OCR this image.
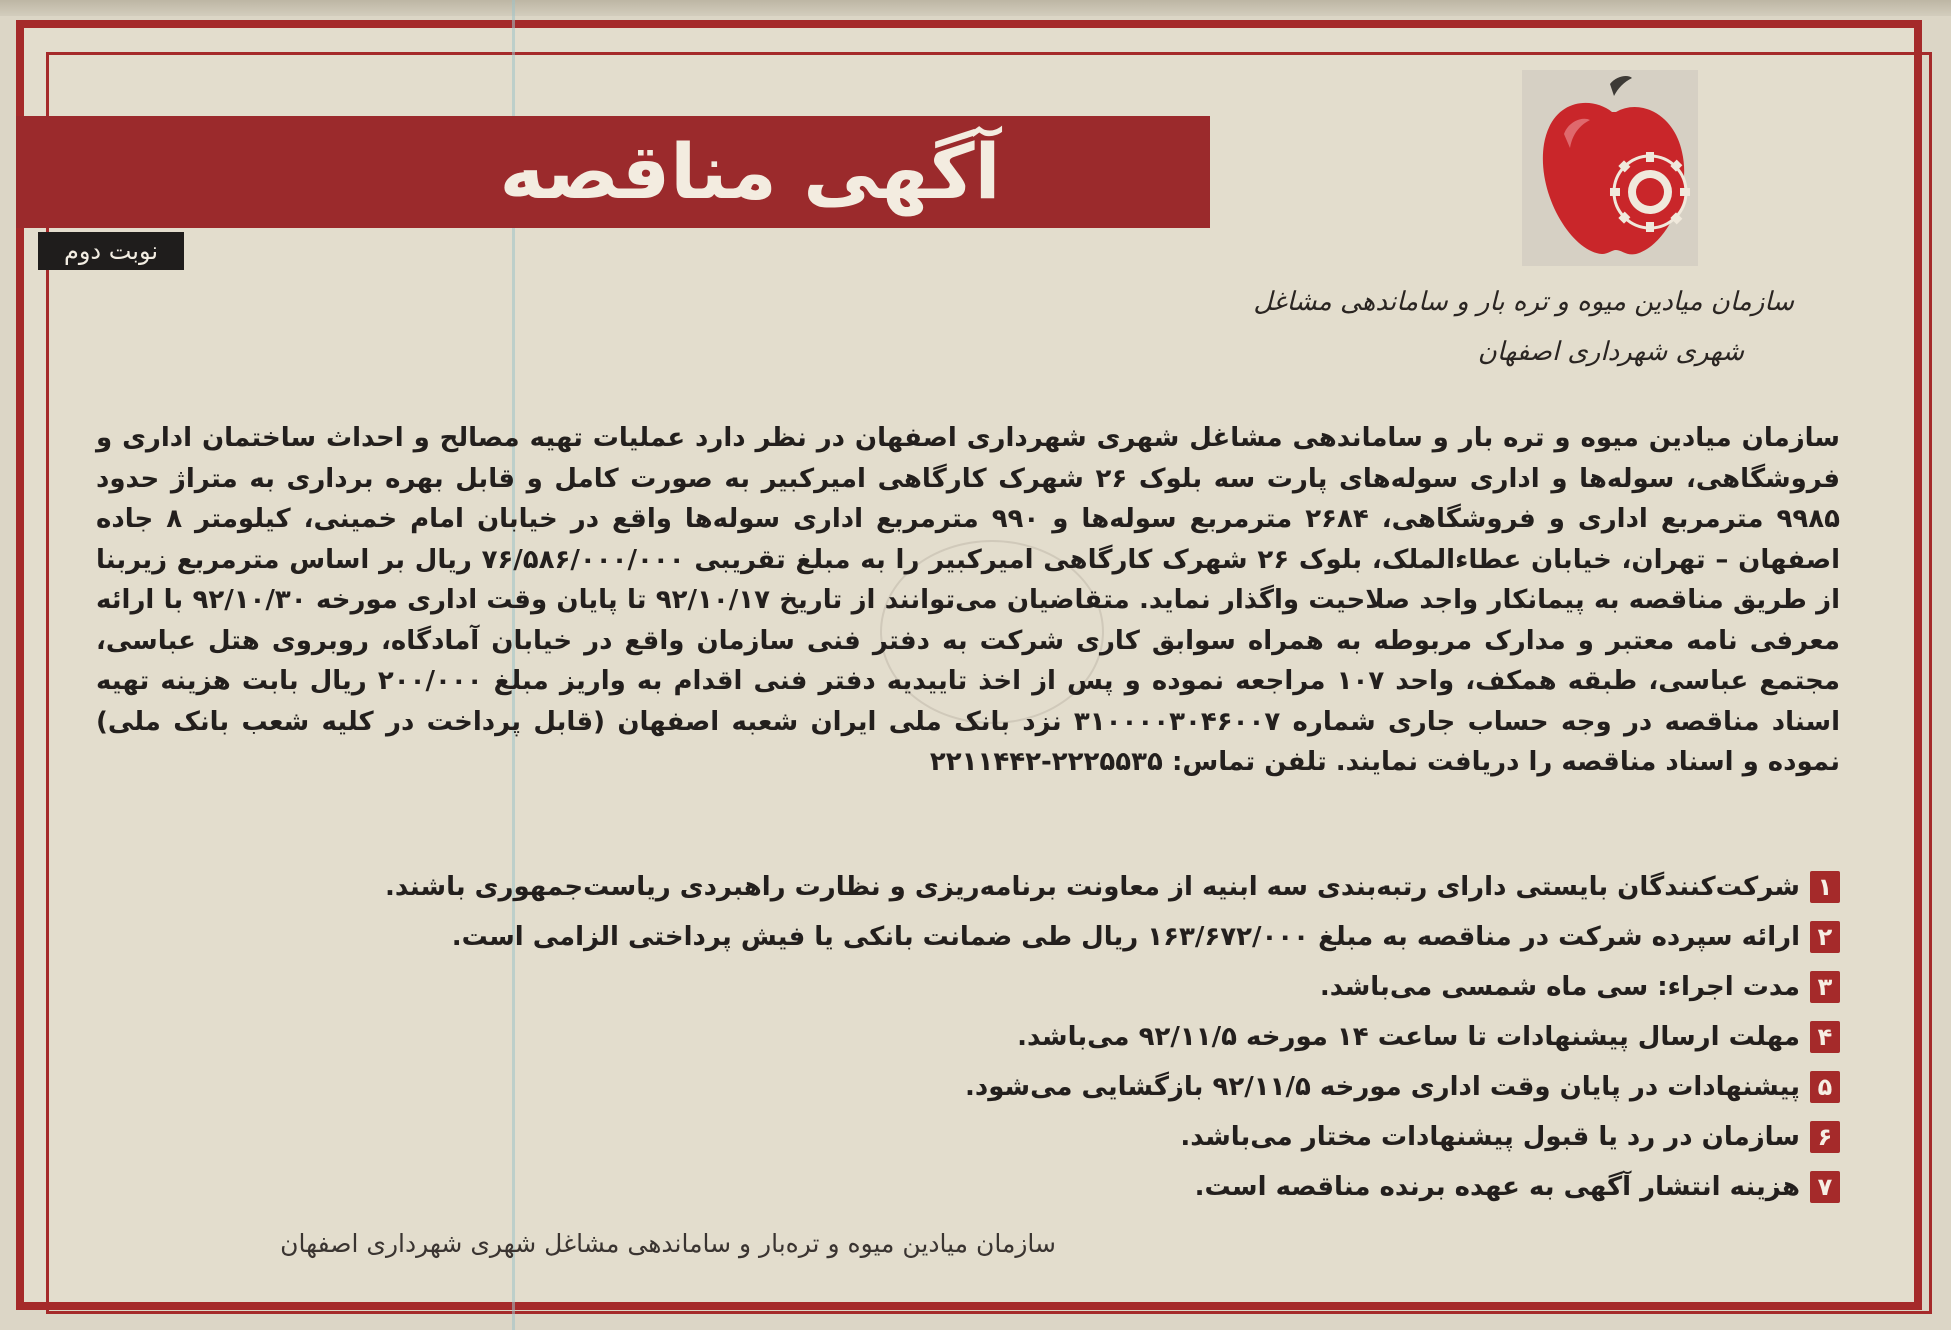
آگهی مناقصه
نوبت دوم
سازمان میادین میوه و تره بار و ساماندهی مشاغل
شهری شهرداری اصفهان
سازمان میادین میوه و تره بار و ساماندهی مشاغل شهری شهرداری اصفهان در نظر دارد عملیات تهیه مصالح و احداث ساختمان اداری و فروشگاهی، سوله‌ها و اداری سوله‌های پارت سه بلوک ۲۶ شهرک کارگاهی امیرکبیر به صورت کامل و قابل بهره برداری به متراژ حدود ۹۹۸۵ مترمربع اداری و فروشگاهی، ۲۶۸۴ مترمربع سوله‌ها و ۹۹۰ مترمربع اداری سوله‌ها واقع در خیابان امام خمینی، کیلومتر ۸ جاده اصفهان – تهران، خیابان عطاءالملک، بلوک ۲۶ شهرک کارگاهی امیرکبیر را به مبلغ تقریبی ۷۶/۵۸۶/۰۰۰/۰۰۰ ریال بر اساس مترمربع زیربنا از طریق مناقصه به پیمانکار واجد صلاحیت واگذار نماید. متقاضیان می‌توانند از تاریخ ۹۲/۱۰/۱۷ تا پایان وقت اداری مورخه ۹۲/۱۰/۳۰ با ارائه معرفی نامه معتبر و مدارک مربوطه به همراه سوابق کاری شرکت به دفتر فنی سازمان واقع در خیابان آمادگاه، روبروی هتل عباسی، مجتمع عباسی، طبقه همکف، واحد ۱۰۷ مراجعه نموده و پس از اخذ تاییدیه دفتر فنی اقدام به واریز مبلغ ۲۰۰/۰۰۰ ریال بابت هزینه تهیه اسناد مناقصه در وجه حساب جاری شماره ۳۱۰۰۰۰۳۰۴۶۰۰۷ نزد بانک ملی ایران شعبه اصفهان (قابل پرداخت در کلیه شعب بانک ملی) نموده و اسناد مناقصه را دریافت نمایند. تلفن تماس: ۲۲۲۵۵۳۵-۲۲۱۱۴۴۲
۱
شرکت‌کنندگان بایستی دارای رتبه‌بندی سه ابنیه از معاونت برنامه‌ریزی و نظارت راهبردی ریاست‌جمهوری باشند.
۲
ارائه سپرده شرکت در مناقصه به مبلغ ۱۶۳/۶۷۲/۰۰۰ ریال طی ضمانت بانکی یا فیش پرداختی الزامی است.
۳
مدت اجراء: سی ماه شمسی می‌باشد.
۴
مهلت ارسال پیشنهادات تا ساعت ۱۴ مورخه ۹۲/۱۱/۵ می‌باشد.
۵
پیشنهادات در پایان وقت اداری مورخه ۹۲/۱۱/۵ بازگشایی می‌شود.
۶
سازمان در رد یا قبول پیشنهادات مختار می‌باشد.
۷
هزینه انتشار آگهی به عهده برنده مناقصه است.
سازمان میادین میوه و تره‌بار و ساماندهی مشاغل شهری شهرداری اصفهان
